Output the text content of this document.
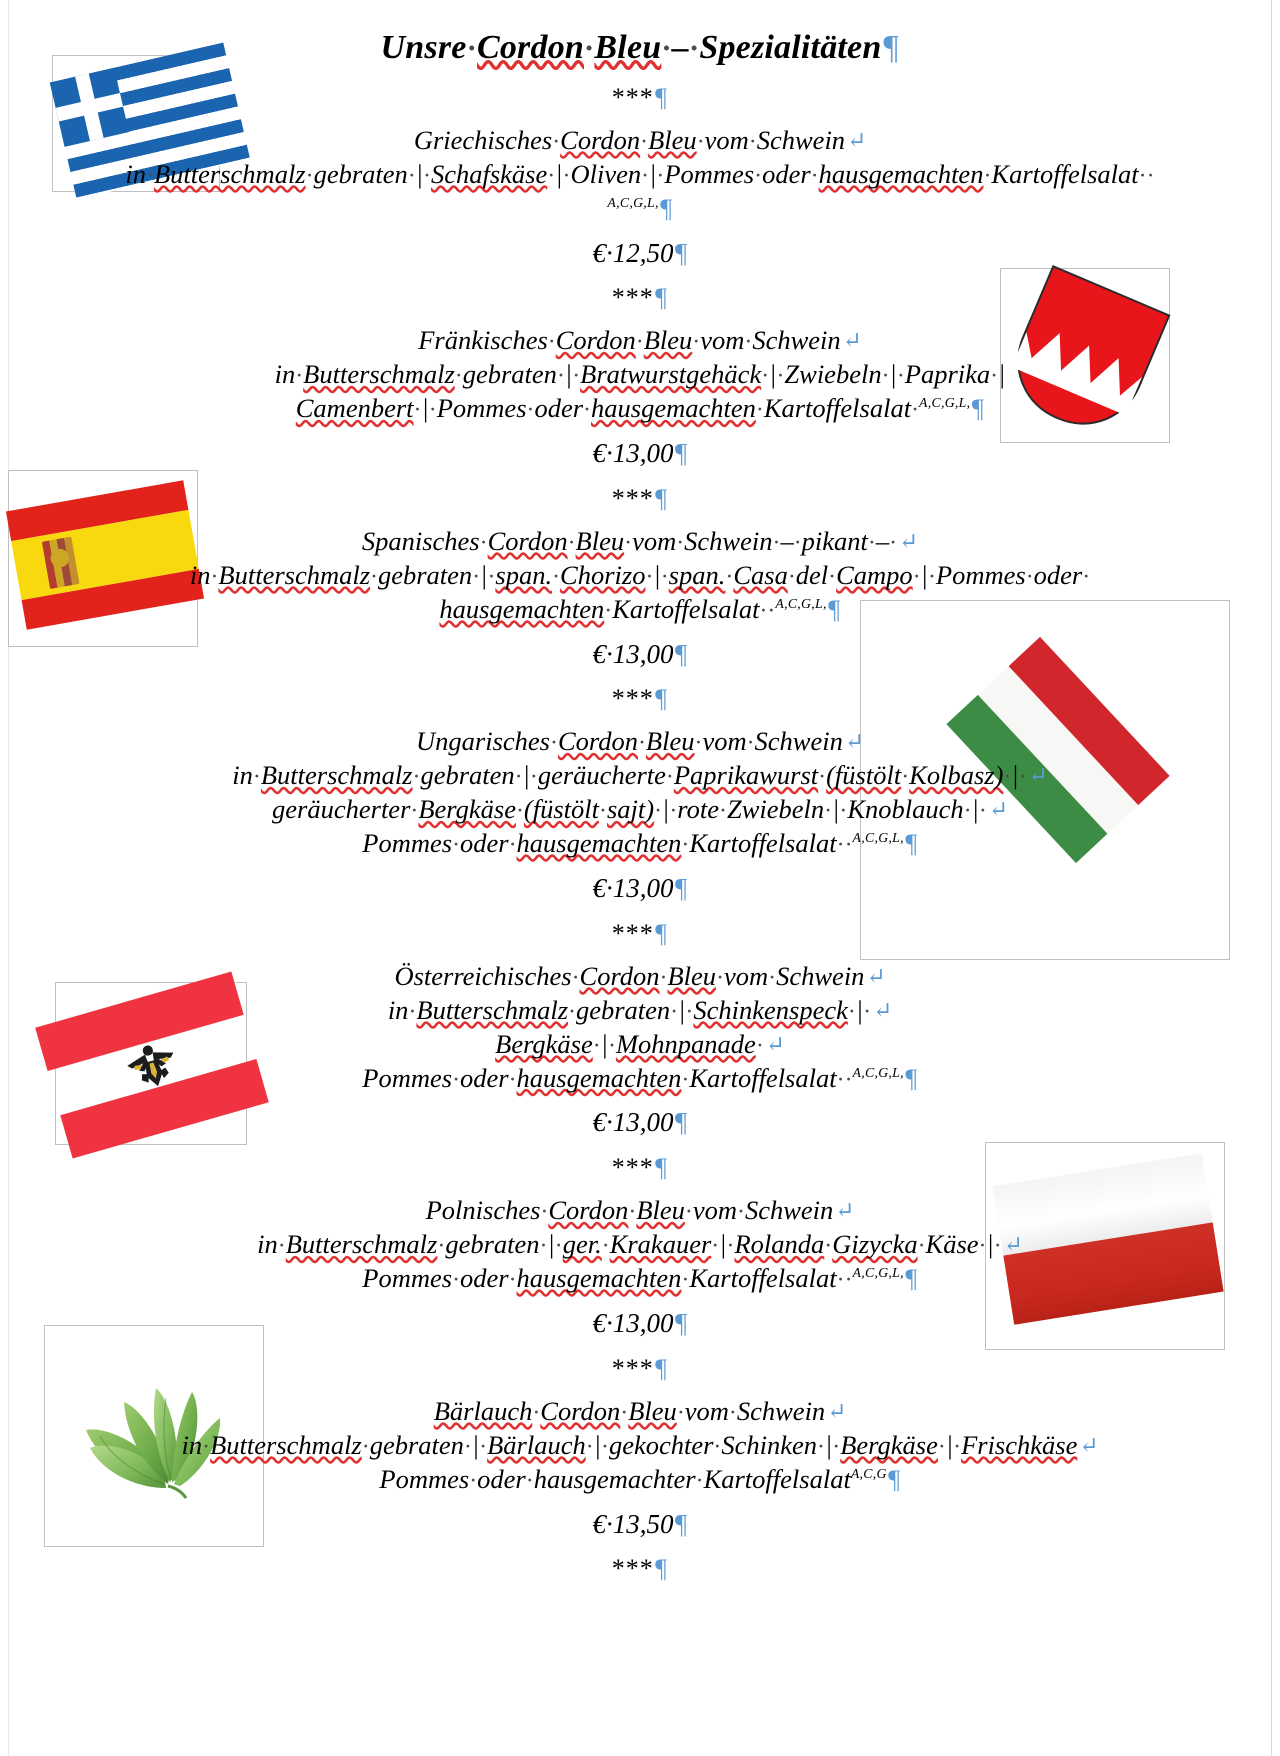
Unsre·Cordon·Bleu·–·Spezialitäten¶
***¶
Griechisches·Cordon·Bleu·vom·Schwein↵
in·Butterschmalz·gebraten·|·Schafskäse·|·Oliven·|·Pommes·oder·hausgemachten·Kartoffelsalat··
$^{A,C,G,L,}$¶
€·12,50¶
***¶
Fränkisches·Cordon·Bleu·vom·Schwein↵
in·Butterschmalz·gebraten·|·Bratwurstgehäck·|·Zwiebeln·|·Paprika·|
Camenbert·|·Pommes·oder·hausgemachten·Kartoffelsalat·$^{A,C,G,L,}$¶
€·13,00¶
***¶
Spanisches·Cordon·Bleu·vom·Schwein·–·pikant·–·↵
in·Butterschmalz·gebraten·|·span.·Chorizo·|·span.·Casa·del·Campo·|·Pommes·oder·
hausgemachten·Kartoffelsalat··$^{A,C,G,L,}$¶
€·13,00¶
***¶
Ungarisches·Cordon·Bleu·vom·Schwein↵
in·Butterschmalz·gebraten·|·geräucherte·Paprikawurst·(füstölt·Kolbasz)·|·↵
geräucherter·Bergkäse·(füstölt·sajt)·|·rote·Zwiebeln·|·Knoblauch·|·↵
Pommes·oder·hausgemachten·Kartoffelsalat··$^{A,C,G,L,}$¶
€·13,00¶
***¶
Österreichisches·Cordon·Bleu·vom·Schwein↵
in·Butterschmalz·gebraten·|·Schinkenspeck·|·↵
Bergkäse·|·Mohnpanade·↵
Pommes·oder·hausgemachten·Kartoffelsalat··$^{A,C,G,L,}$¶
€·13,00¶
***¶
Polnisches·Cordon·Bleu·vom·Schwein↵
in·Butterschmalz·gebraten·|·ger.·Krakauer·|·Rolanda·Gizycka·Käse·|·↵
Pommes·oder·hausgemachten·Kartoffelsalat··$^{A,C,G,L,}$¶
€·13,00¶
***¶
Bärlauch·Cordon·Bleu·vom·Schwein↵
in·Butterschmalz·gebraten·|·Bärlauch·|·gekochter·Schinken·|·Bergkäse·|·Frischkäse↵
Pommes·oder·hausgemachter·Kartoffelsalat$^{A,C,G}$¶
€·13,50¶
***¶
